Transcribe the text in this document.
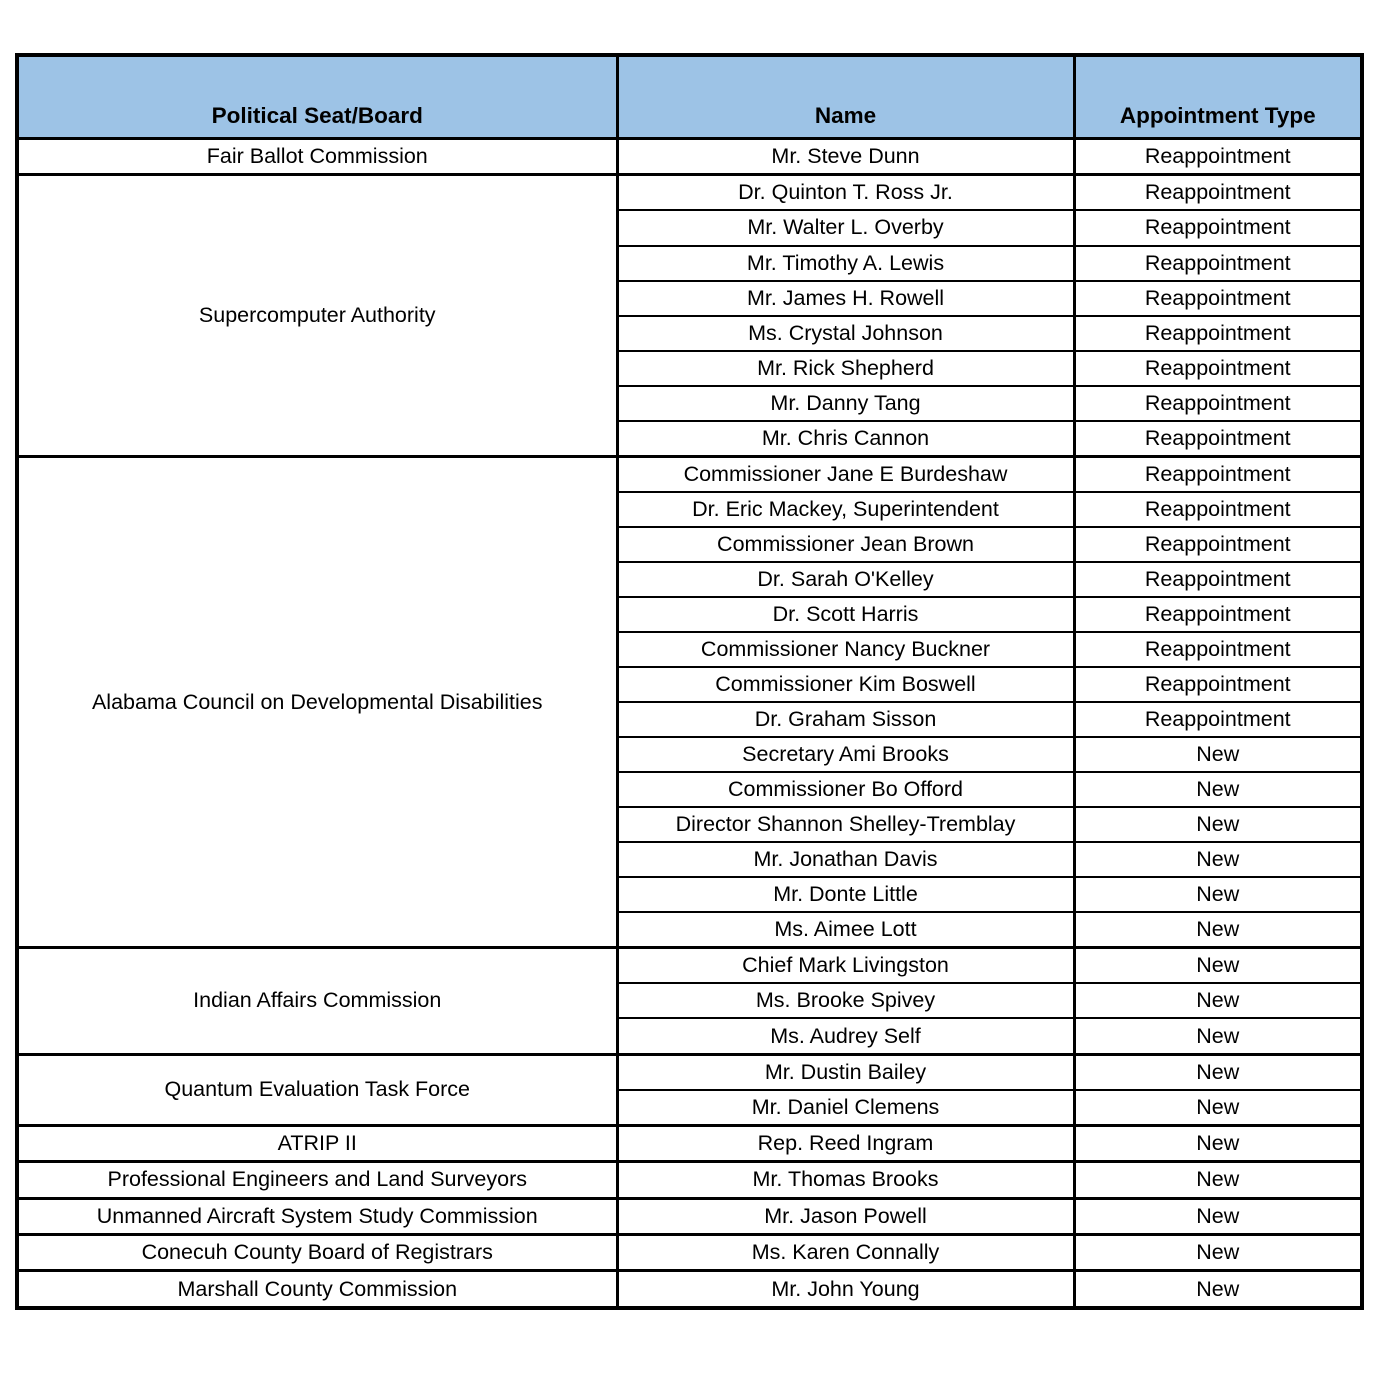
Political Seat/Board	Name	Appointment Type
Fair Ballot Commission	Mr. Steve Dunn	Reappointment
Supercomputer Authority	Dr. Quinton T. Ross Jr.	Reappointment
	Mr. Walter L. Overby	Reappointment
	Mr. Timothy A. Lewis	Reappointment
	Mr. James H. Rowell	Reappointment
	Ms. Crystal Johnson	Reappointment
	Mr. Rick Shepherd	Reappointment
	Mr. Danny Tang	Reappointment
	Mr. Chris Cannon	Reappointment
Alabama Council on Developmental Disabilities	Commissioner Jane E Burdeshaw	Reappointment
	Dr. Eric Mackey, Superintendent	Reappointment
	Commissioner Jean Brown	Reappointment
	Dr. Sarah O'Kelley	Reappointment
	Dr. Scott Harris	Reappointment
	Commissioner Nancy Buckner	Reappointment
	Commissioner Kim Boswell	Reappointment
	Dr. Graham Sisson	Reappointment
	Secretary Ami Brooks	New
	Commissioner Bo Offord	New
	Director Shannon Shelley-Tremblay	New
	Mr. Jonathan Davis	New
	Mr. Donte Little	New
	Ms. Aimee Lott	New
Indian Affairs Commission	Chief Mark Livingston	New
	Ms. Brooke Spivey	New
	Ms. Audrey Self	New
Quantum Evaluation Task Force	Mr. Dustin Bailey	New
	Mr. Daniel Clemens	New
ATRIP II	Rep. Reed Ingram	New
Professional Engineers and Land Surveyors	Mr. Thomas Brooks	New
Unmanned Aircraft System Study Commission	Mr. Jason Powell	New
Conecuh County Board of Registrars	Ms. Karen Connally	New
Marshall County Commission	Mr. John Young	New
